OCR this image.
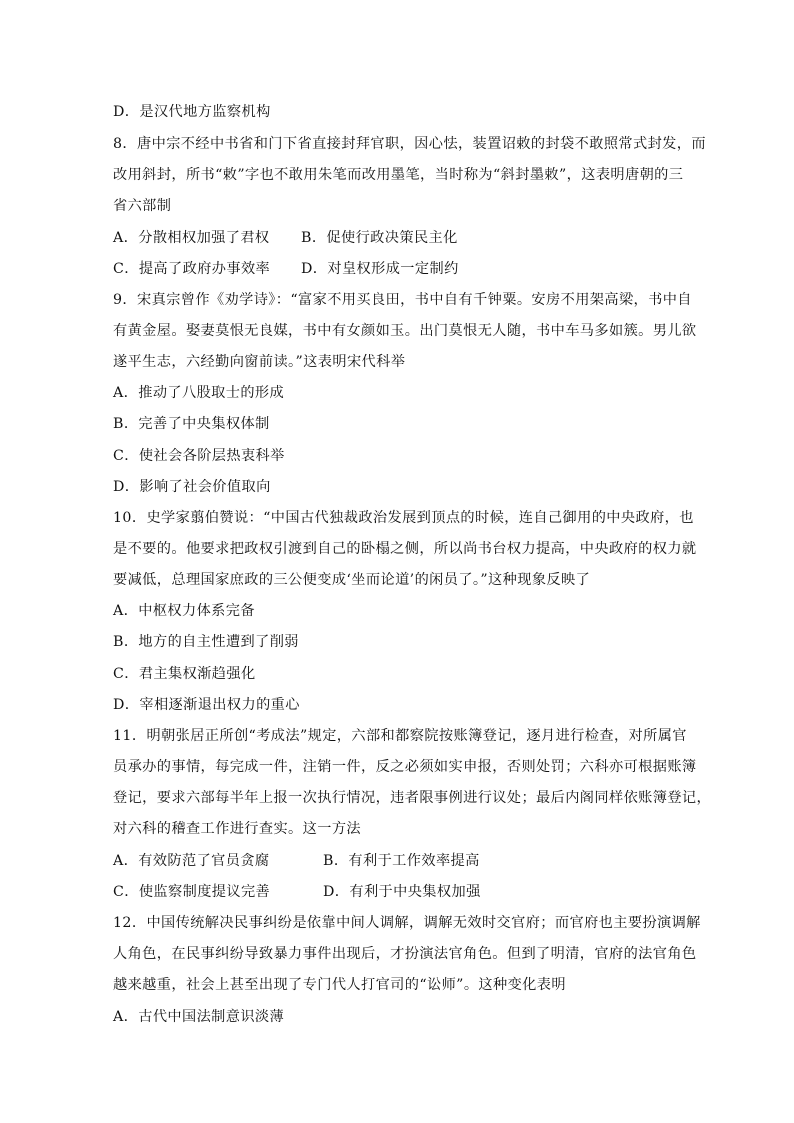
D．是汉代地方监察机构
8．唐中宗不经中书省和门下省直接封拜官职，因心怯，装置诏敕的封袋不敢照常式封发，而
改用斜封，所书“敕”字也不敢用朱笔而改用墨笔，当时称为“斜封墨敕”，这表明唐朝的三
省六部制
A．分散相权加强了君权 B．促使行政决策民主化
C．提高了政府办事效率 D．对皇权形成一定制约
9．宋真宗曾作《劝学诗》：“富家不用买良田，书中自有千钟粟。安房不用架高梁，书中自
有黄金屋。娶妻莫恨无良媒，书中有女颜如玉。出门莫恨无人随，书中车马多如簇。男儿欲
遂平生志，六经勤向窗前读。”这表明宋代科举
A．推动了八股取士的形成
B．完善了中央集权体制
C．使社会各阶层热衷科举
D．影响了社会价值取向
10．史学家翦伯赞说：“中国古代独裁政治发展到顶点的时候，连自己御用的中央政府，也
是不要的。他要求把政权引渡到自己的卧榻之侧，所以尚书台权力提高，中央政府的权力就
要减低，总理国家庶政的三公便变成‘坐而论道’的闲员了。”这种现象反映了
A．中枢权力体系完备
B．地方的自主性遭到了削弱
C．君主集权渐趋强化
D．宰相逐渐退出权力的重心
11．明朝张居正所创“考成法”规定，六部和都察院按账簿登记，逐月进行检查，对所属官
员承办的事情，每完成一件，注销一件，反之必须如实申报，否则处罚；六科亦可根据账簿
登记，要求六部每半年上报一次执行情况，违者限事例进行议处；最后内阁同样依账簿登记，
对六科的稽查工作进行查实。这一方法
A．有效防范了官员贪腐	B．有利于工作效率提高
C．使监察制度提议完善	D．有利于中央集权加强
12．中国传统解决民事纠纷是依靠中间人调解，调解无效时交官府；而官府也主要扮演调解
人角色，在民事纠纷导致暴力事件出现后，才扮演法官角色。但到了明清，官府的法官角色
越来越重，社会上甚至出现了专门代人打官司的“讼师”。这种变化表明
A．古代中国法制意识淡薄
